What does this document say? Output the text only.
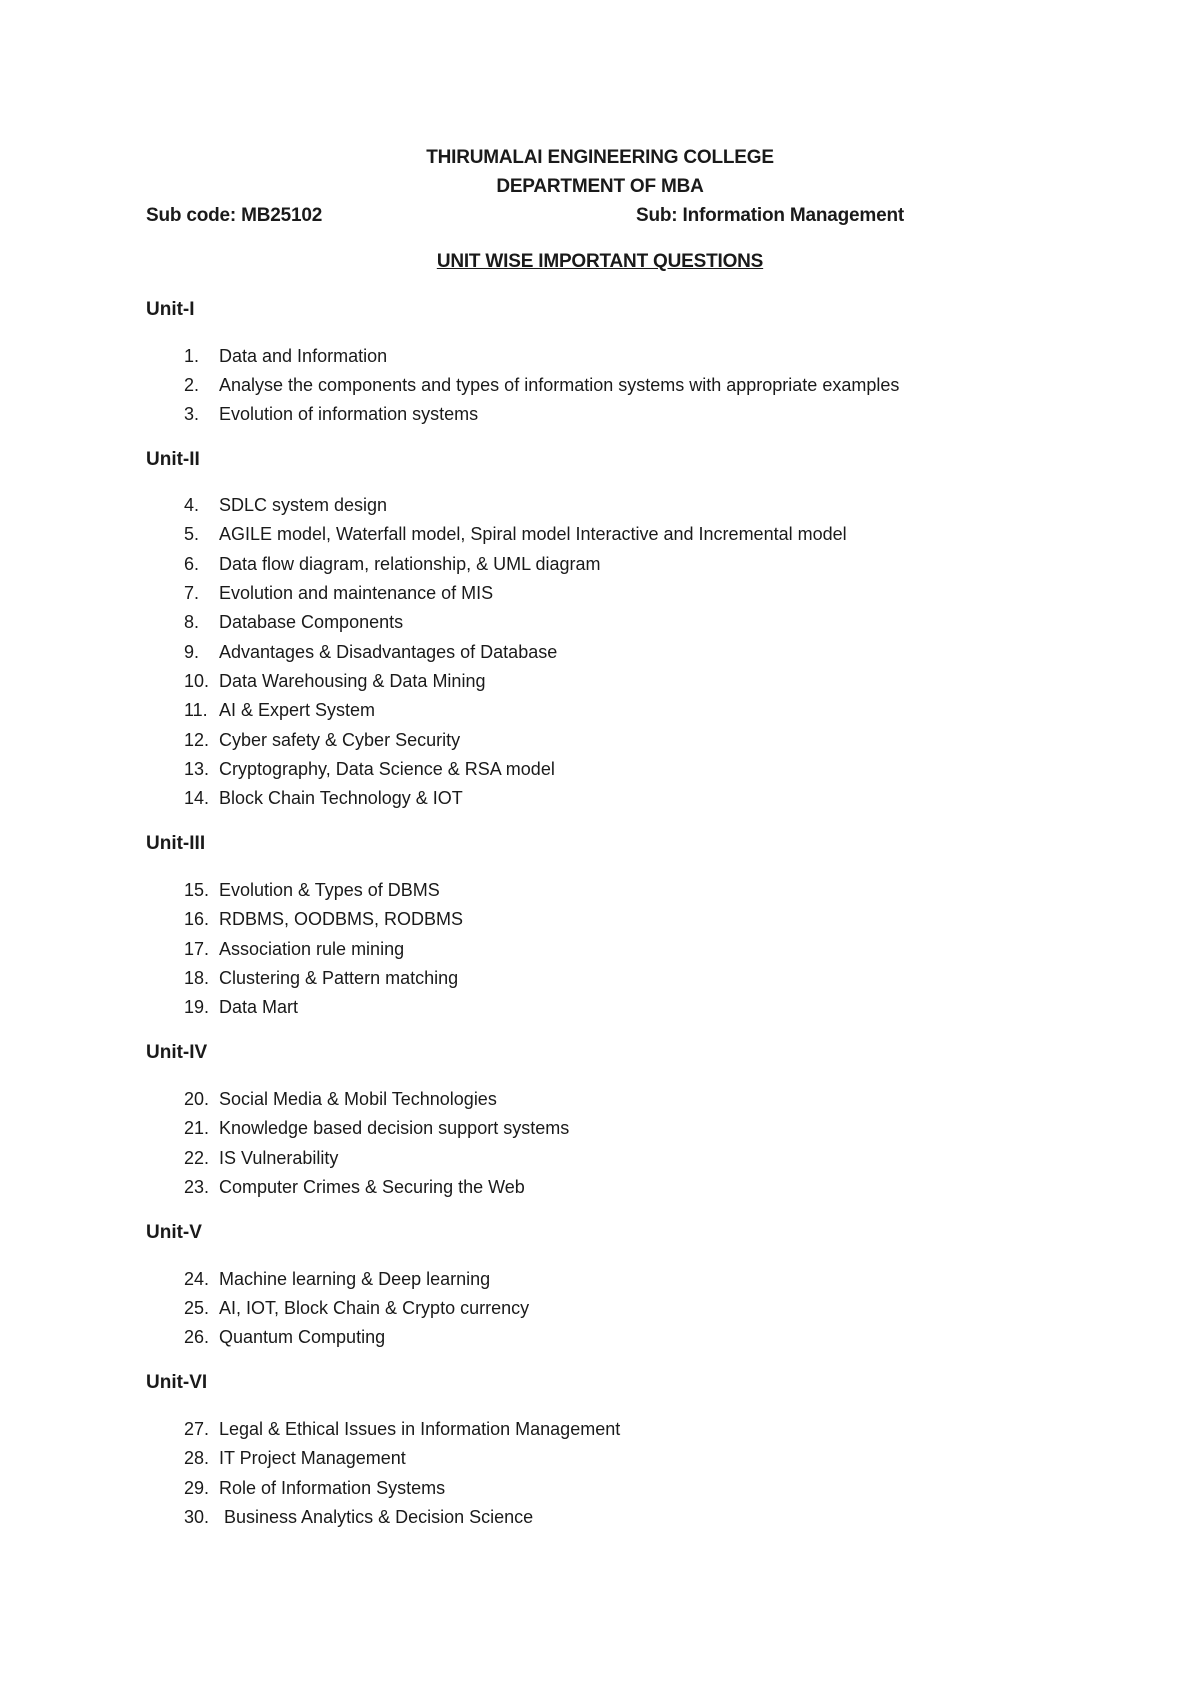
THIRUMALAI ENGINEERING COLLEGE
DEPARTMENT OF MBA
Sub code: MB25102	Sub: Information Management
UNIT WISE IMPORTANT QUESTIONS
Unit-I
1.	Data and Information
2.	Analyse the components and types of information systems with appropriate examples
3.	Evolution of information systems
Unit-II
4.	SDLC system design
5.	AGILE model, Waterfall model, Spiral model Interactive and Incremental model
6.	Data flow diagram, relationship, & UML diagram
7.	Evolution and maintenance of MIS
8.	Database Components
9.	Advantages & Disadvantages of Database
10. Data Warehousing & Data Mining
11. AI & Expert System
12. Cyber safety & Cyber Security
13. Cryptography, Data Science & RSA model
14. Block Chain Technology & IOT
Unit-III
15. Evolution & Types of DBMS
16. RDBMS, OODBMS, RODBMS
17. Association rule mining
18. Clustering & Pattern matching
19. Data Mart
Unit-IV
20. Social Media & Mobil Technologies
21. Knowledge based decision support systems
22. IS Vulnerability
23. Computer Crimes & Securing the Web
Unit-V
24. Machine learning & Deep learning
25. AI, IOT, Block Chain & Crypto currency
26. Quantum Computing
Unit-VI
27. Legal & Ethical Issues in Information Management
28. IT Project Management
29. Role of Information Systems
30. Business Analytics & Decision Science
